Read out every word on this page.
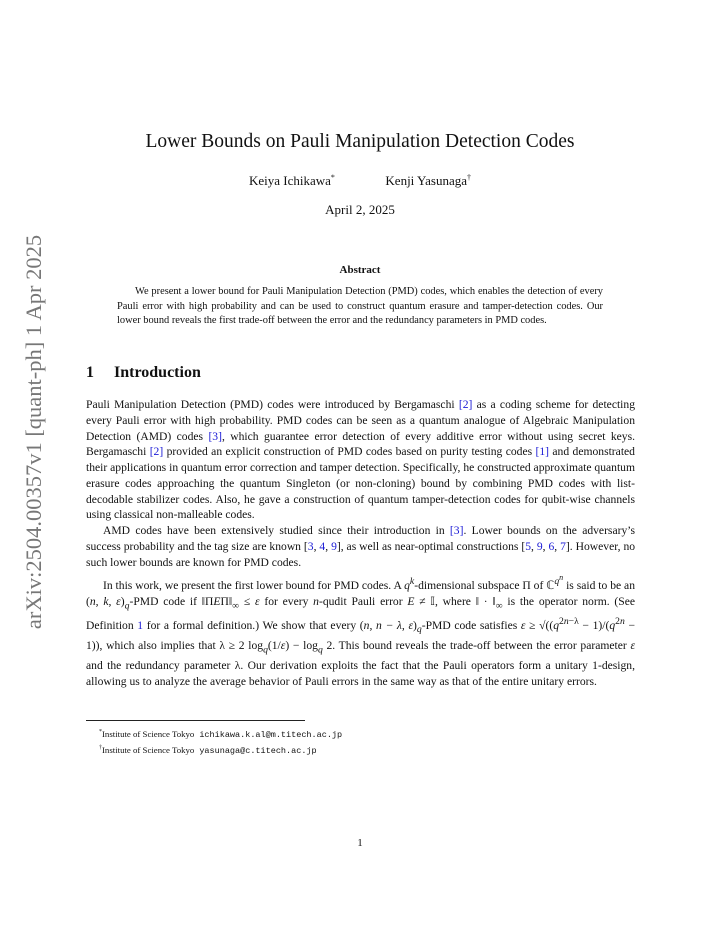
arXiv:2504.00357v1 [quant-ph] 1 Apr 2025
Lower Bounds on Pauli Manipulation Detection Codes
Keiya Ichikawa*	Kenji Yasunaga†
April 2, 2025
Abstract

We present a lower bound for Pauli Manipulation Detection (PMD) codes, which enables the detection of every Pauli error with high probability and can be used to construct quantum erasure and tamper-detection codes. Our lower bound reveals the first trade-off between the error and the redundancy parameters in PMD codes.

1 Introduction

Pauli Manipulation Detection (PMD) codes were introduced by Bergamaschi [2] as a coding scheme for detecting every Pauli error with high probability. PMD codes can be seen as a quantum analogue of Algebraic Manipulation Detection (AMD) codes [3], which guarantee error detection of every additive error without using secret keys. Bergamaschi [2] provided an explicit construction of PMD codes based on purity testing codes [1] and demonstrated their applications in quantum error correction and tamper detection. Specifically, he constructed approximate quantum erasure codes approaching the quantum Singleton (or non-cloning) bound by combining PMD codes with list-decodable stabilizer codes. Also, he gave a construction of quantum tamper-detection codes for qubit-wise channels using classical non-malleable codes.

AMD codes have been extensively studied since their introduction in [3]. Lower bounds on the adversary’s success probability and the tag size are known [3, 4, 9], as well as near-optimal constructions [5, 9, 6, 7]. However, no such lower bounds are known for PMD codes.

In this work, we present the first lower bound for PMD codes. A $q^k$-dimensional subspace Π of ℂ$^{q^n}$ is said to be an (n, k, $\varepsilon)_q$-PMD code if $‖\Pi E\Pi‖_\infty \le \varepsilon$ for every n-qudit Pauli error E ≠ 𝕀, where ‖ · $‖_\infty$ is the operator norm. (See Definition 1 for a formal definition.) We show that every (n, n − λ, $\varepsilon)_q$-PMD code satisfies $\varepsilon \ge √((q^{2n-\lambda} - 1)/(q^{2n} - 1))$, which also implies that λ ≥ 2 $\log_q(1/\varepsilon) - \log_q 2$. This bound reveals the trade-off between the error parameter ε and the redundancy parameter λ. Our derivation exploits the fact that the Pauli operators form a unitary 1-design, allowing us to analyze the average behavior of Pauli errors in the same way as that of the entire unitary errors.

*Institute of Science Tokyo ichikawa.k.al@m.titech.ac.jp
†Institute of Science Tokyo yasunaga@c.titech.ac.jp
1
